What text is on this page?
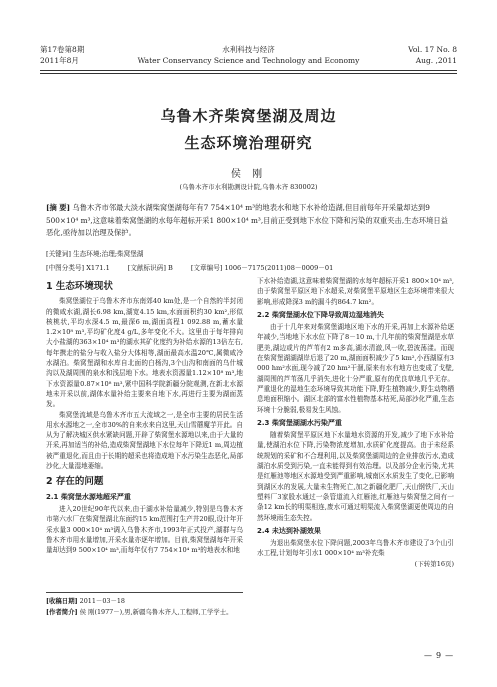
第17卷第8期	水利科技与经济	Vol. 17 No. 8
2011年8月	Water Conservancy Science and Technology and Economy	Aug. ,2011
乌鲁木齐柴窝堡湖及周边
生态环境治理研究
侯 刚
(乌鲁木齐市水利勘测设计院,乌鲁木齐 830002)
[摘 要] 乌鲁木齐市邻最大淡水湖柴窝堡湖每年有7 754×10⁴ m³的地表水和地下水补给造湖,但目前每年开采量却达到9 500×10⁴ m³,这意味着柴窝堡湖的水每年超标开采1 800×10⁴ m³,目前正受到地下水位下降和污染的双重夹击,生态环境日益恶化,亟待加以治理及保护。
[关键词] 生态环境;治理;柴窝堡湖
[中图分类号] X171.1	[文献标识码] B	[文章编号] 1006－7175(2011)08－0009－01
1 生态环境现状

柴窝堡湖位于乌鲁木齐市东南郊40 km处,是一个自然的半封闭的微咸水湖,湖长6.98 km,湖宽4.15 km,水面面积约30 km²,形似核桃状,平均水深4.5 m,最深6 m,湖面高程1 092.88 m,蓄水量1.2×10⁸ m³,平均矿化度4 g/L,多年变化不大。这里由于每年排向大小盐湖的363×10⁴ m³的湖水其矿化度约为补给水源的13倍左右,每年携走的盐分与收入盐分大体相等,湖面最高水温20℃,属微咸冷水湖泊。柴窝堡湖和水库自北面的白杨沟,3个山沟和南面的乌什城沟以及湖周围的泉水和浅层地下水。地表水资源量1.12×10⁸ m³,地下水资源量0.87×10⁸ m³,紧中国科学院新疆分院观测,在新北水源地未开采以前,湖体水量补给主要来自地下水,再进行主要为湖面蒸发。

柴窝堡流域是乌鲁木齐市五大流域之一,是全市主要的居民生活用水水源地之一,全市30%的自来水来自这里,天山雪蘑魔芋开此。自从为了解决城区供水紧缺问题,开辟了柴窝堡水源地以来,由于大量的开采,再加适当的补给,造成柴窝堡湖地下水位每年下降近1 m,周边植被严重退化,而且由于长期的超采也将造成地下水污染生态恶化,局部沙化,大量湿地萎缩。

2 存在的问题
2.1 柴窝堡水源地超采严重

进入20世纪90年代以来,由于湖水补给量减少,特别是乌鲁木齐市第六水厂在柴窝堡湖北东面约15 km范围打生产井20眼,设计年开采水量3 000×10⁴ m³调入乌鲁木齐市,1993年正式投产,湖群与乌鲁木齐市用水量增加,开采水量亦逐年增加。目前,柴窝堡湖每年开采量却达到9 500×10⁴ m³,而每年仅有7 754×10⁴ m³的地表水和地

下水补给造湖,这意味着柴窝堡湖的水每年超标开采1 800×10⁴ m³,由于柴窝堡平原区地下水超采,对柴窝堡平原地区生态环境带来很大影响,形成降深3 m的漏斗约864.7 km²。

2.2 柴窝堡湖水位下降导致周边湿地消失

由于十几年来对柴窝堡湖地区地下水的开采,再加上水源补给逐年减少,当地地下水水位下降了8－10 m,十几年前的柴窝堡湖是水草肥美,湖边或片的芦苇有2 m多高,湖水清澈,风一吹,碧波荡漾。而现在柴窝堡湖湖湖岸后退了20 m,湖面面积减少了5 km²,小西湖原有3 000 hm²水面,现今减了20 hm²干涸,原来有水有地方也变成了戈壁,湖周围的芦苇荡几乎消失,进化十分严重,原有的优良草地几乎无存。严重退化的湿地生态环境导致其功能下降,野生植物减少,野生动物栖息地面积缩小。湖区北部的富水性植物基本枯死,局部沙化严重,生态环境十分脆弱,极易发生风蚀。

2.3 柴窝堡湖湖水污染严重

随着柴窝堡平原区地下水量地水资源的开发,减少了地下水补给量,使湖泊水位下降,污染物浓度增加,水质矿化度提高。由于未经系统规划的采矿和不合理利用,以及柴窝堡湖周边的企业排放污水,造成湖泊水质受到污染,一直未能得到有效治理。以及部分企业污染,尤其是红雁池等地区水源地受到严重影响,城南区水质发生了变化,已影响到湖区水的发展,大量未生物死亡,加之新疆化肥厂,天山钢铁厂,天山塑料厂3家股水通过一条管道流入红雁池,红雁池与柴窝堡之间有一条12 km长的明渠相连,废水可通过明渠流入柴窝堡湖更使周边的自然环境雨生态失控。

2.4 未达到补湖效果

为退出柴窝堡水位下降问题,2003年乌鲁木齐市建设了3个山引水工程,计划每年引水1 000×10⁴ m³补充柴

(下转第16页)
[收稿日期] 2011－03－18
[作者简介] 侯 刚(1977－),男,新疆乌鲁木齐人,工程师,工学学士。
— 9 —
